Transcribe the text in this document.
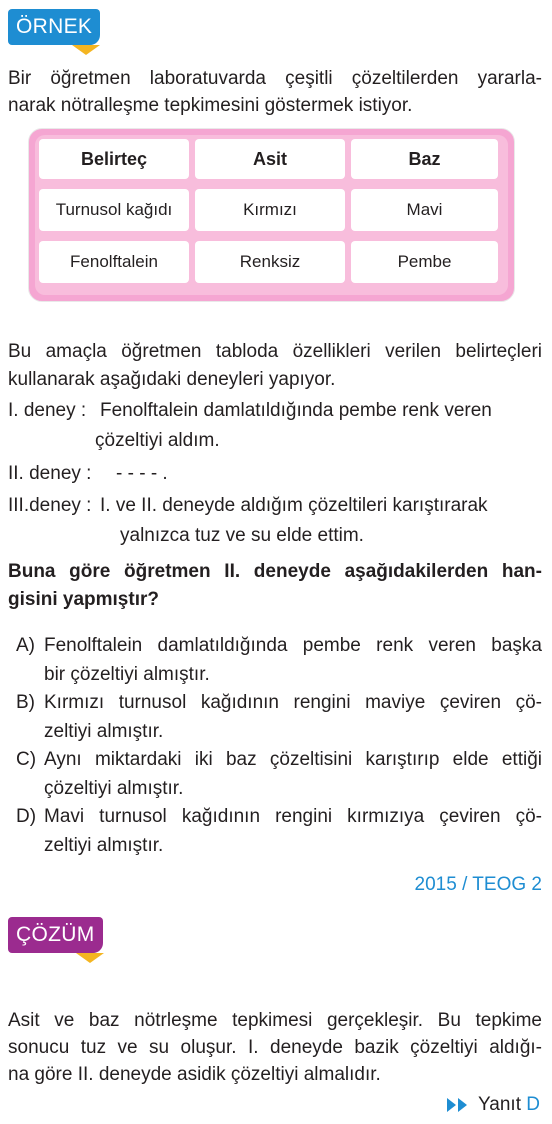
ÖRNEK
Bir öğretmen laboratuvarda çeşitli çözeltilerden yararla-
narak nötralleşme tepkimesini göstermek istiyor.
Belirteç	Asit	Baz
Turnusol kağıdı	Kırmızı	Mavi
Fenolftalein	Renksiz	Pembe
Bu amaçla öğretmen tabloda özellikleri verilen belirteçleri
kullanarak aşağıdaki deneyleri yapıyor.
I. deney : Fenolftalein damlatıldığında pembe renk veren
çözeltiyi aldım.
II. deney : - - - - .
III.deney : I. ve II. deneyde aldığım çözeltileri karıştırarak
yalnızca tuz ve su elde ettim.
Buna göre öğretmen II. deneyde aşağıdakilerden han-
gisini yapmıştır?
A) Fenolftalein damlatıldığında pembe renk veren başka
bir çözeltiyi almıştır.
B) Kırmızı turnusol kağıdının rengini maviye çeviren çö-
zeltiyi almıştır.
C) Aynı miktardaki iki baz çözeltisini karıştırıp elde ettiği
çözeltiyi almıştır.
D) Mavi turnusol kağıdının rengini kırmızıya çeviren çö-
zeltiyi almıştır.
2015 / TEOG 2
ÇÖZÜM
Asit ve baz nötrleşme tepkimesi gerçekleşir. Bu tepkime
sonucu tuz ve su oluşur. I. deneyde bazik çözeltiyi aldığı-
na göre II. deneyde asidik çözeltiyi almalıdır.
Yanıt D
